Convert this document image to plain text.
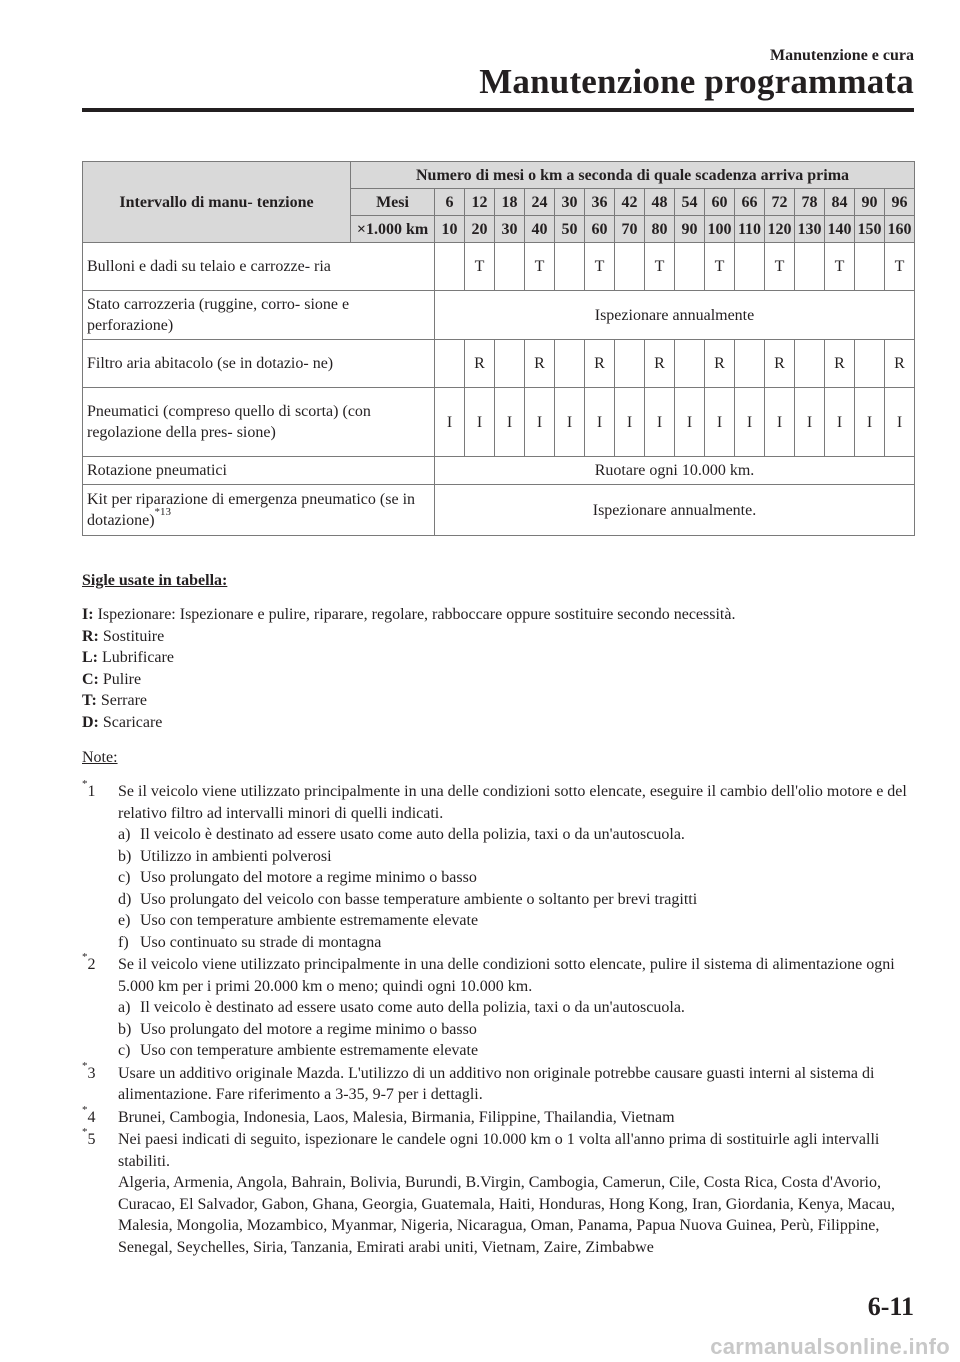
Manutenzione e cura
Manutenzione programmata
Intervallo di manu- tenzione	Numero di mesi o km a seconda di quale scadenza arriva prima																
	Mesi	6	12	18	24	30	36	42	48	54	60	66	72	78	84	90	96
	×1.000 km	10	20	30	40	50	60	70	80	90	100	110	120	130	140	150	160
Bulloni e dadi su telaio e carrozze- ria			T		T		T		T		T		T		T		T
Stato carrozzeria (ruggine, corro- sione e perforazione)		Ispezionare annualmente															
Filtro aria abitacolo (se in dotazio- ne)			R		R		R		R		R		R		R		R
Pneumatici (compreso quello di scorta) (con regolazione della pres- sione)		I	I	I	I	I	I	I	I	I	I	I	I	I	I	I	I
Rotazione pneumatici		Ruotare ogni 10.000 km.															
Kit per riparazione di emergenza pneumatico (se in dotazione)$^{*13}$		Ispezionare annualmente.															
Sigle usate in tabella:
I: Ispezionare: Ispezionare e pulire, riparare, regolare, rabboccare oppure sostituire secondo necessità.
R: Sostituire
L: Lubrificare
C: Pulire
T: Serrare
D: Scaricare
Note:
*1	Se il veicolo viene utilizzato principalmente in una delle condizioni sotto elencate, eseguire il cambio dell'olio motore e del relativo filtro ad intervalli minori di quelli indicati.
a) Il veicolo è destinato ad essere usato come auto della polizia, taxi o da un'autoscuola.
b) Utilizzo in ambienti polverosi
c) Uso prolungato del motore a regime minimo o basso
d) Uso prolungato del veicolo con basse temperature ambiente o soltanto per brevi tragitti
e) Uso con temperature ambiente estremamente elevate
f) Uso continuato su strade di montagna
*2	Se il veicolo viene utilizzato principalmente in una delle condizioni sotto elencate, pulire il sistema di alimentazione ogni 5.000 km per i primi 20.000 km o meno; quindi ogni 10.000 km.
a) Il veicolo è destinato ad essere usato come auto della polizia, taxi o da un'autoscuola.
b) Uso prolungato del motore a regime minimo o basso
c) Uso con temperature ambiente estremamente elevate
*3	Usare un additivo originale Mazda. L'utilizzo di un additivo non originale potrebbe causare guasti interni al sistema di alimentazione. Fare riferimento a 3-35, 9-7 per i dettagli.
*4	Brunei, Cambogia, Indonesia, Laos, Malesia, Birmania, Filippine, Thailandia, Vietnam
*5	Nei paesi indicati di seguito, ispezionare le candele ogni 10.000 km o 1 volta all'anno prima di sostituirle agli intervalli stabiliti.
Algeria, Armenia, Angola, Bahrain, Bolivia, Burundi, B.Virgin, Cambogia, Camerun, Cile, Costa Rica, Costa d'Avorio, Curacao, El Salvador, Gabon, Ghana, Georgia, Guatemala, Haiti, Honduras, Hong Kong, Iran, Giordania, Kenya, Macau, Malesia, Mongolia, Mozambico, Myanmar, Nigeria, Nicaragua, Oman, Panama, Papua Nuova Guinea, Perù, Filippine, Senegal, Seychelles, Siria, Tanzania, Emirati arabi uniti, Vietnam, Zaire, Zimbabwe
6-11
carmanualsonline.info
